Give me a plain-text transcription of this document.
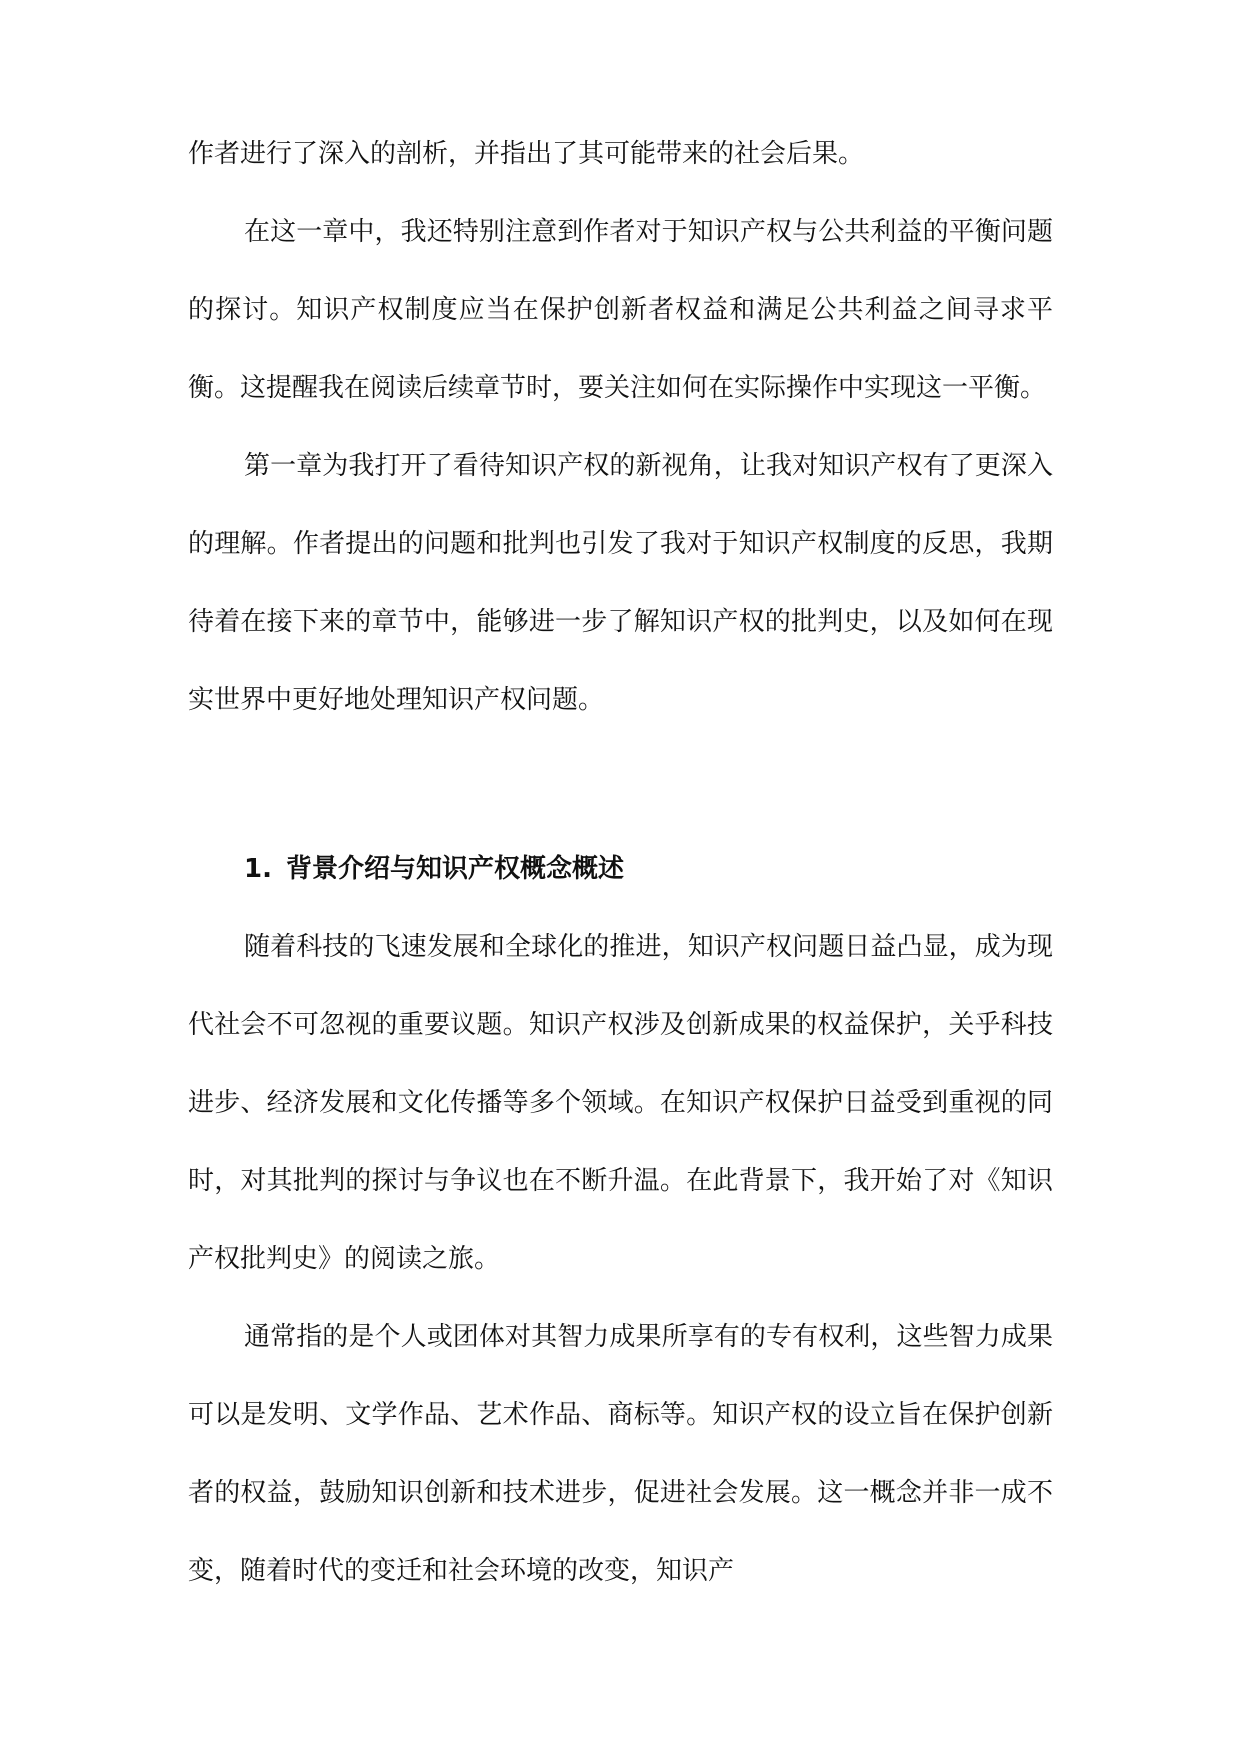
作者进行了深入的剖析，并指出了其可能带来的社会后果。

在这一章中，我还特别注意到作者对于知识产权与公共利益的平衡问题的探讨。知识产权制度应当在保护创新者权益和满足公共利益之间寻求平衡。这提醒我在阅读后续章节时，要关注如何在实际操作中实现这一平衡。

第一章为我打开了看待知识产权的新视角，让我对知识产权有了更深入的理解。作者提出的问题和批判也引发了我对于知识产权制度的反思，我期待着在接下来的章节中，能够进一步了解知识产权的批判史，以及如何在现实世界中更好地处理知识产权问题。

1. 背景介绍与知识产权概念概述

随着科技的飞速发展和全球化的推进，知识产权问题日益凸显，成为现代社会不可忽视的重要议题。知识产权涉及创新成果的权益保护，关乎科技进步、经济发展和文化传播等多个领域。在知识产权保护日益受到重视的同时，对其批判的探讨与争议也在不断升温。在此背景下，我开始了对《知识产权批判史》的阅读之旅。

通常指的是个人或团体对其智力成果所享有的专有权利，这些智力成果可以是发明、文学作品、艺术作品、商标等。知识产权的设立旨在保护创新者的权益，鼓励知识创新和技术进步，促进社会发展。这一概念并非一成不变，随着时代的变迁和社会环境的改变，知识产
